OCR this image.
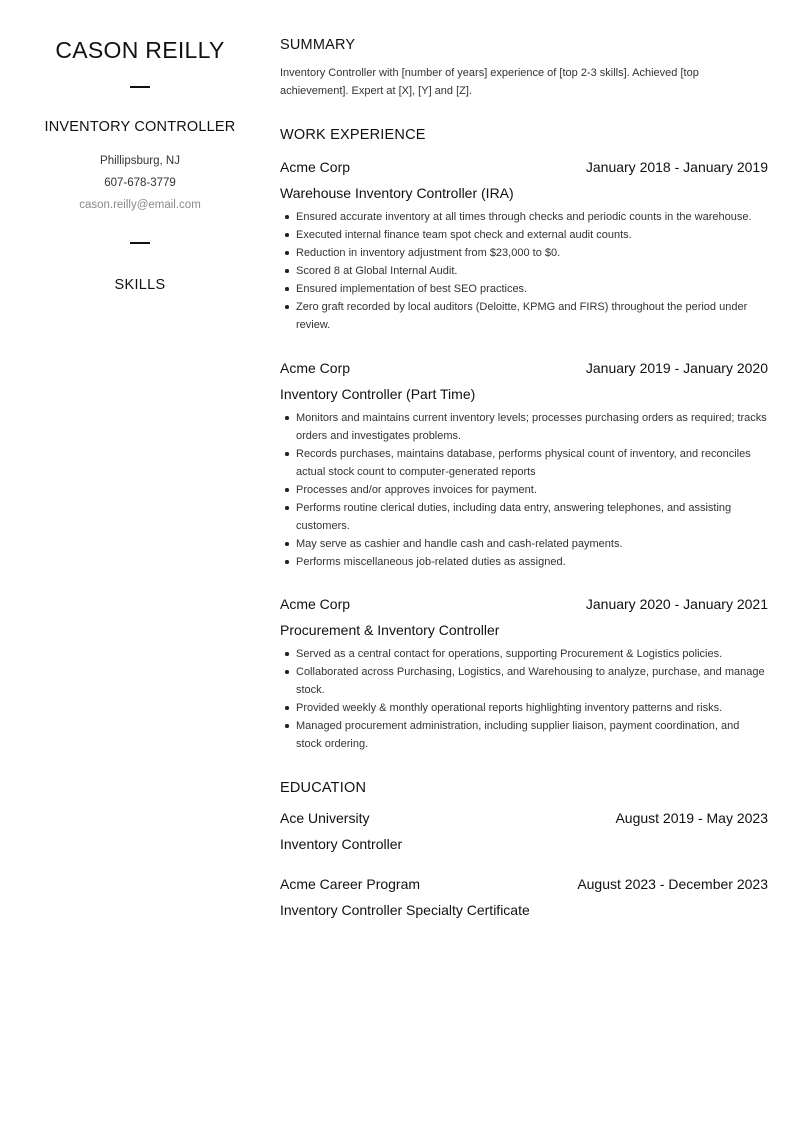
CASON REILLY
INVENTORY CONTROLLER
Phillipsburg, NJ
607-678-3779
cason.reilly@email.com
SKILLS
SUMMARY
Inventory Controller with [number of years] experience of [top 2-3 skills]. Achieved [top achievement]. Expert at [X], [Y] and [Z].
WORK EXPERIENCE
Acme Corp	January 2018 - January 2019
Warehouse Inventory Controller (IRA)
Ensured accurate inventory at all times through checks and periodic counts in the warehouse.
Executed internal finance team spot check and external audit counts.
Reduction in inventory adjustment from $23,000 to $0.
Scored 8 at Global Internal Audit.
Ensured implementation of best SEO practices.
Zero graft recorded by local auditors (Deloitte, KPMG and FIRS) throughout the period under review.
Acme Corp	January 2019 - January 2020
Inventory Controller (Part Time)
Monitors and maintains current inventory levels; processes purchasing orders as required; tracks orders and investigates problems.
Records purchases, maintains database, performs physical count of inventory, and reconciles actual stock count to computer-generated reports
Processes and/or approves invoices for payment.
Performs routine clerical duties, including data entry, answering telephones, and assisting customers.
May serve as cashier and handle cash and cash-related payments.
Performs miscellaneous job-related duties as assigned.
Acme Corp	January 2020 - January 2021
Procurement & Inventory Controller
Served as a central contact for operations, supporting Procurement & Logistics policies.
Collaborated across Purchasing, Logistics, and Warehousing to analyze, purchase, and manage stock.
Provided weekly & monthly operational reports highlighting inventory patterns and risks.
Managed procurement administration, including supplier liaison, payment coordination, and stock ordering.
EDUCATION
Ace University	August 2019 - May 2023
Inventory Controller
Acme Career Program	August 2023 - December 2023
Inventory Controller Specialty Certificate
